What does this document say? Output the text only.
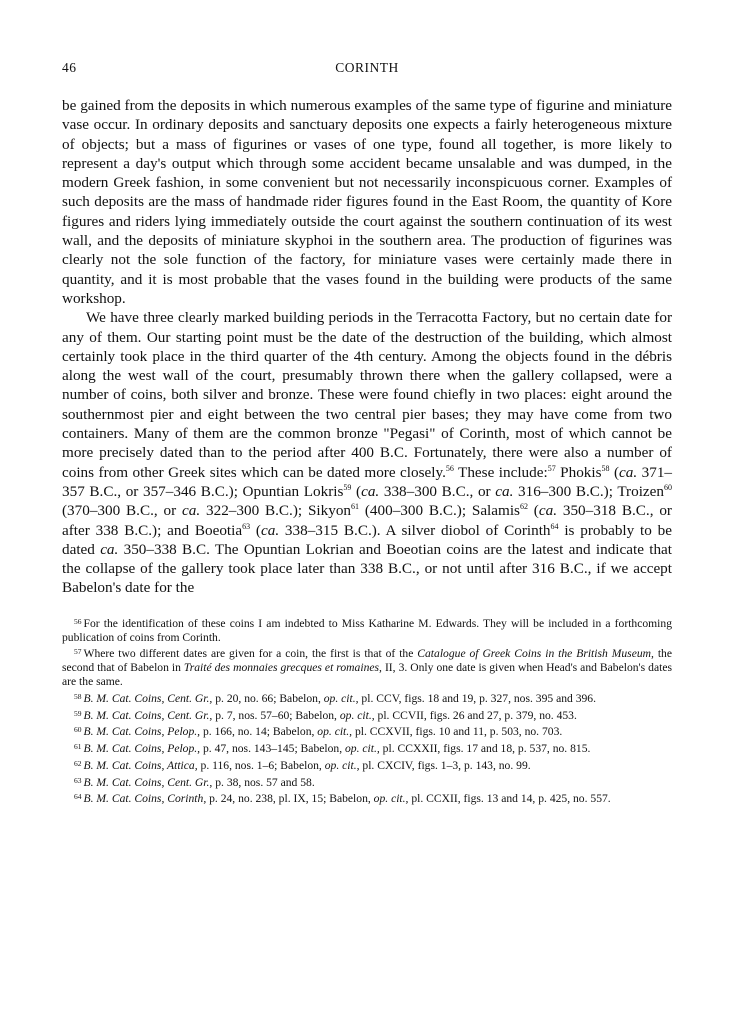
46	CORINTH

be gained from the deposits in which numerous examples of the same type of figurine and miniature vase occur. In ordinary deposits and sanctuary deposits one expects a fairly heterogeneous mixture of objects; but a mass of figurines or vases of one type, found all together, is more likely to represent a day's output which through some accident became unsalable and was dumped, in the modern Greek fashion, in some convenient but not necessarily inconspicuous corner. Examples of such deposits are the mass of handmade rider figures found in the East Room, the quantity of Kore figures and riders lying immediately outside the court against the southern continuation of its west wall, and the deposits of miniature skyphoi in the southern area. The production of figurines was clearly not the sole function of the factory, for miniature vases were certainly made there in quantity, and it is most probable that the vases found in the building were products of the same workshop.

We have three clearly marked building periods in the Terracotta Factory, but no certain date for any of them. Our starting point must be the date of the destruction of the building, which almost certainly took place in the third quarter of the 4th century. Among the objects found in the débris along the west wall of the court, presumably thrown there when the gallery collapsed, were a number of coins, both silver and bronze. These were found chiefly in two places: eight around the southernmost pier and eight between the two central pier bases; they may have come from two containers. Many of them are the common bronze "Pegasi" of Corinth, most of which cannot be more precisely dated than to the period after 400 B.C. Fortunately, there were also a number of coins from other Greek sites which can be dated more closely.$^{56}$ These include:$^{57}$ Phokis$^{58}$ (ca. 371–357 B.C., or 357–346 B.C.); Opuntian Lokris$^{59}$ (ca. 338–300 B.C., or ca. 316–300 B.C.); Troizen$^{60}$ (370–300 B.C., or ca. 322–300 B.C.); Sikyon$^{61}$ (400–300 B.C.); Salamis$^{62}$ (ca. 350–318 B.C., or after 338 B.C.); and Boeotia$^{63}$ (ca. 338–315 B.C.). A silver diobol of Corinth$^{64}$ is probably to be dated ca. 350–338 B.C. The Opuntian Lokrian and Boeotian coins are the latest and indicate that the collapse of the gallery took place later than 338 B.C., or not until after 316 B.C., if we accept Babelon's date for the

$^{56}$ For the identification of these coins I am indebted to Miss Katharine M. Edwards. They will be included in a forthcoming publication of coins from Corinth.

$^{57}$ Where two different dates are given for a coin, the first is that of the Catalogue of Greek Coins in the British Museum, the second that of Babelon in Traité des monnaies grecques et romaines, II, 3. Only one date is given when Head's and Babelon's dates are the same.

$^{58}$ B. M. Cat. Coins, Cent. Gr., p. 20, no. 66; Babelon, op. cit., pl. CCV, figs. 18 and 19, p. 327, nos. 395 and 396.

$^{59}$ B. M. Cat. Coins, Cent. Gr., p. 7, nos. 57–60; Babelon, op. cit., pl. CCVII, figs. 26 and 27, p. 379, no. 453.

$^{60}$ B. M. Cat. Coins, Pelop., p. 166, no. 14; Babelon, op. cit., pl. CCXVII, figs. 10 and 11, p. 503, no. 703.

$^{61}$ B. M. Cat. Coins, Pelop., p. 47, nos. 143–145; Babelon, op. cit., pl. CCXXII, figs. 17 and 18, p. 537, no. 815.

$^{62}$ B. M. Cat. Coins, Attica, p. 116, nos. 1–6; Babelon, op. cit., pl. CXCIV, figs. 1–3, p. 143, no. 99.

$^{63}$ B. M. Cat. Coins, Cent. Gr., p. 38, nos. 57 and 58.

$^{64}$ B. M. Cat. Coins, Corinth, p. 24, no. 238, pl. IX, 15; Babelon, op. cit., pl. CCXII, figs. 13 and 14, p. 425, no. 557.
